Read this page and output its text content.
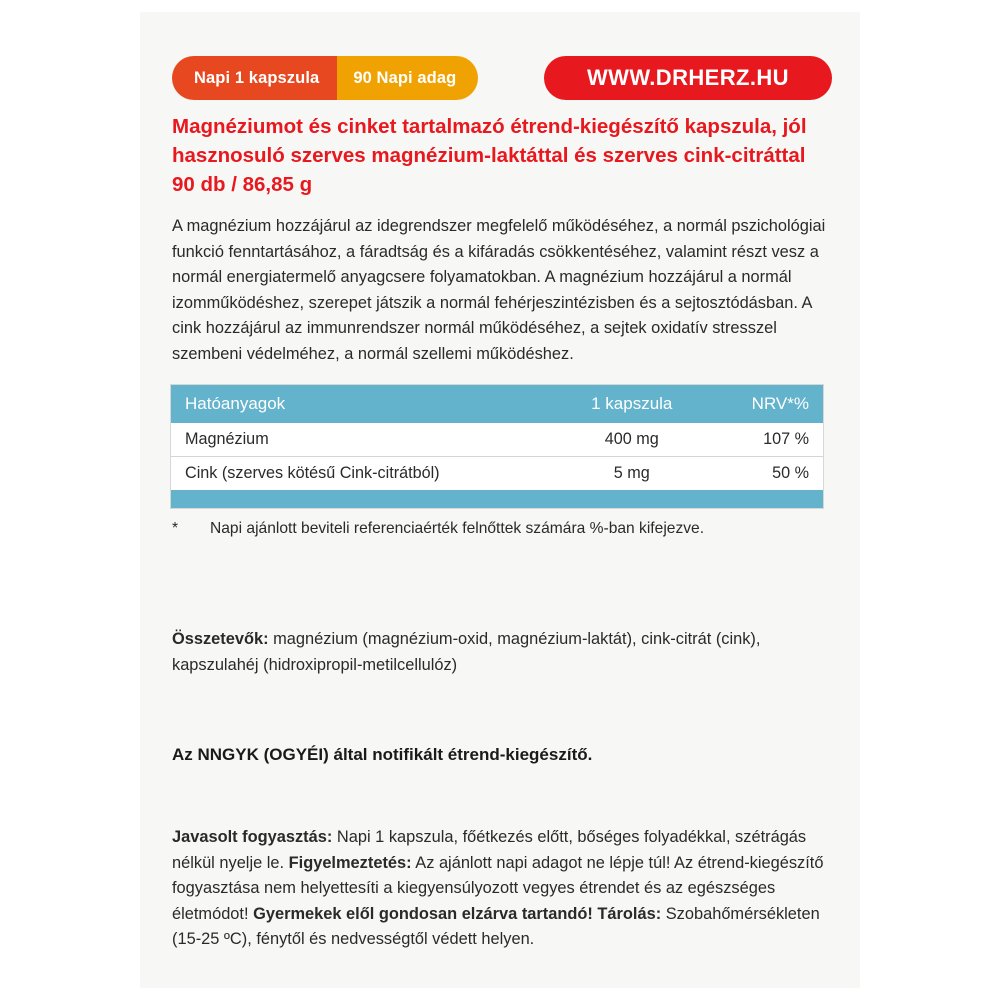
Napi 1 kapszula	90 Napi adag	WWW.DRHERZ.HU
Magnéziumot és cinket tartalmazó étrend-kiegészítő kapszula, jól hasznosuló szerves magnézium-laktáttal és szerves cink-citráttal 90 db / 86,85 g
A magnézium hozzájárul az idegrendszer megfelelő működéséhez, a normál pszichológiai funkció fenntartásához, a fáradtság és a kifáradás csökkentéséhez, valamint részt vesz a normál energiatermelő anyagcsere folyamatokban. A magnézium hozzájárul a normál izomműködéshez, szerepet játszik a normál fehérjeszintézisben és a sejtosztódásban. A cink hozzájárul az immunrendszer normál működéséhez, a sejtek oxidatív stresszel szembeni védelméhez, a normál szellemi működéshez.
Hatóanyagok	1 kapszula	NRV*%
Magnézium	400 mg	107 %
Cink (szerves kötésű Cink-citrátból)	5 mg	50 %
* Napi ajánlott beviteli referenciaérték felnőttek számára %-ban kifejezve.
Összetevők: magnézium (magnézium-oxid, magnézium-laktát), cink-citrát (cink), kapszulahéj (hidroxipropil-metilcellulóz)
Az NNGYK (OGYÉI) által notifikált étrend-kiegészítő.
Javasolt fogyasztás: Napi 1 kapszula, főétkezés előtt, bőséges folyadékkal, szétrágás nélkül nyelje le. Figyelmeztetés: Az ajánlott napi adagot ne lépje túl! Az étrend-kiegészítő fogyasztása nem helyettesíti a kiegyensúlyozott vegyes étrendet és az egészséges életmódot! Gyermekek elől gondosan elzárva tartandó! Tárolás: Szobahőmérsékleten (15-25 ºC), fénytől és nedvességtől védett helyen.
